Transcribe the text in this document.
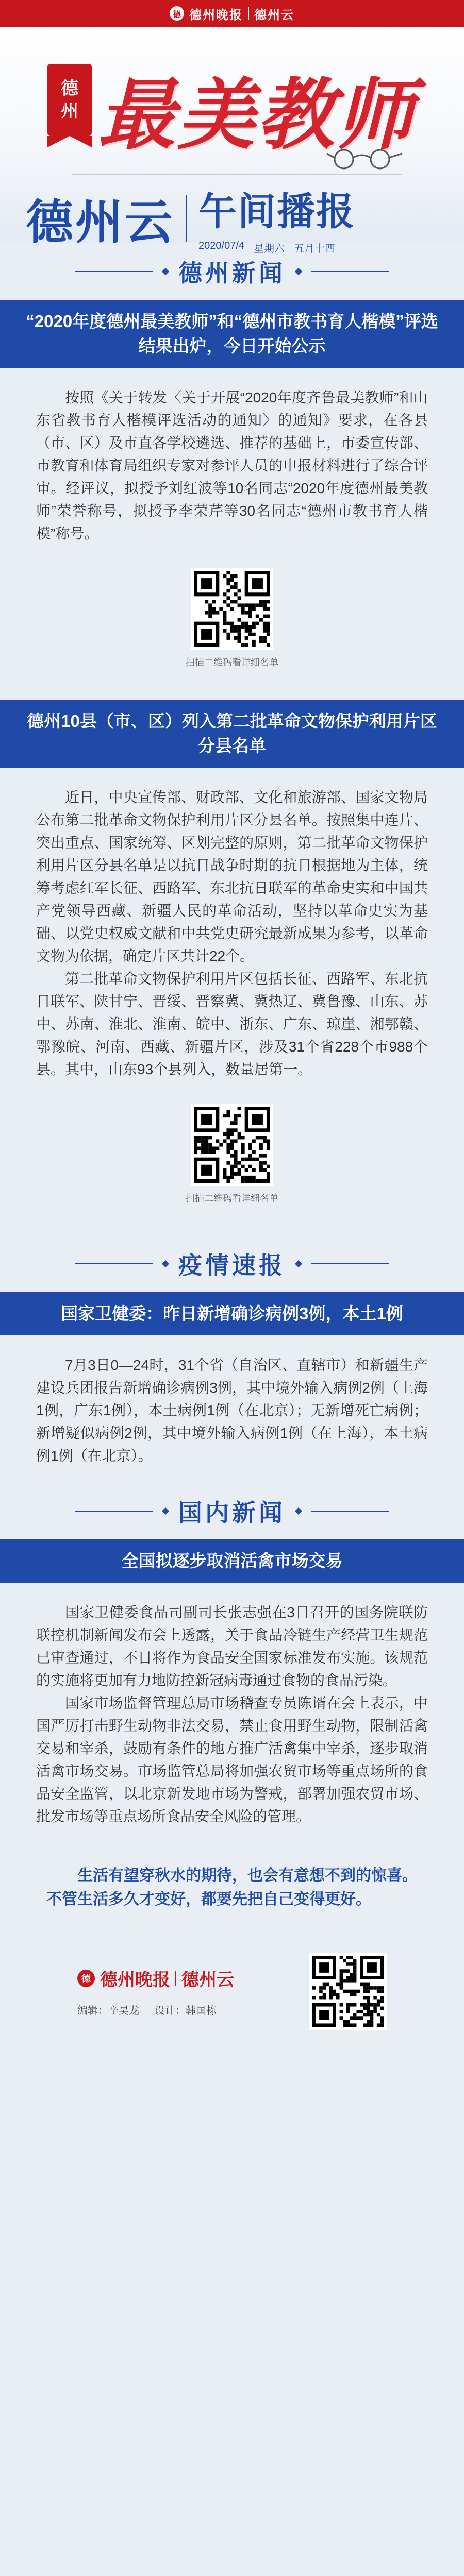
德 德州晚报 德州云
德
州 最美教师
德州云 午间播报
2020/07/4 星期六 五月十四
德州新闻
“2020年度德州最美教师”和“德州市教书育人楷模”评选结果出炉，今日开始公示

按照《关于转发〈关于开展“2020年度齐鲁最美教师”和山东省教书育人楷模评选活动的通知〉的通知》要求，在各县（市、区）及市直各学校遴选、推荐的基础上，市委宣传部、市教育和体育局组织专家对参评人员的申报材料进行了综合评审。经评议，拟授予刘红波等10名同志“2020年度德州最美教师”荣誉称号，拟授予李荣芹等30名同志“德州市教书育人楷模”称号。

扫描二维码看详细名单
德州10县（市、区）列入第二批革命文物保护利用片区分县名单

近日，中央宣传部、财政部、文化和旅游部、国家文物局公布第二批革命文物保护利用片区分县名单。按照集中连片、突出重点、国家统筹、区划完整的原则，第二批革命文物保护利用片区分县名单是以抗日战争时期的抗日根据地为主体，统筹考虑红军长征、西路军、东北抗日联军的革命史实和中国共产党领导西藏、新疆人民的革命活动，坚持以革命史实为基础、以党史权威文献和中共党史研究最新成果为参考，以革命文物为依据，确定片区共计22个。

第二批革命文物保护利用片区包括长征、西路军、东北抗日联军、陕甘宁、晋绥、晋察冀、冀热辽、冀鲁豫、山东、苏中、苏南、淮北、淮南、皖中、浙东、广东、琼崖、湘鄂赣、鄂豫皖、河南、西藏、新疆片区，涉及31个省228个市988个县。其中，山东93个县列入，数量居第一。

扫描二维码看详细名单
疫情速报
国家卫健委：昨日新增确诊病例3例，本土1例

7月3日0—24时，31个省（自治区、直辖市）和新疆生产建设兵团报告新增确诊病例3例，其中境外输入病例2例（上海1例，广东1例），本土病例1例（在北京）；无新增死亡病例；新增疑似病例2例，其中境外输入病例1例（在上海），本土病例1例（在北京）。

国内新闻
全国拟逐步取消活禽市场交易

国家卫健委食品司副司长张志强在3日召开的国务院联防联控机制新闻发布会上透露，关于食品冷链生产经营卫生规范已审查通过，不日将作为食品安全国家标准发布实施。该规范的实施将更加有力地防控新冠病毒通过食物的食品污染。

国家市场监督管理总局市场稽查专员陈谞在会上表示，中国严厉打击野生动物非法交易，禁止食用野生动物，限制活禽交易和宰杀，鼓励有条件的地方推广活禽集中宰杀，逐步取消活禽市场交易。市场监管总局将加强农贸市场等重点场所的食品安全监管，以北京新发地市场为警戒，部署加强农贸市场、批发市场等重点场所食品安全风险的管理。

生活有望穿秋水的期待，也会有意想不到的惊喜。不管生活多久才变好，都要先把自己变得更好。

德 德州晚报 德州云
编辑：辛昊龙 设计：韩国栋
